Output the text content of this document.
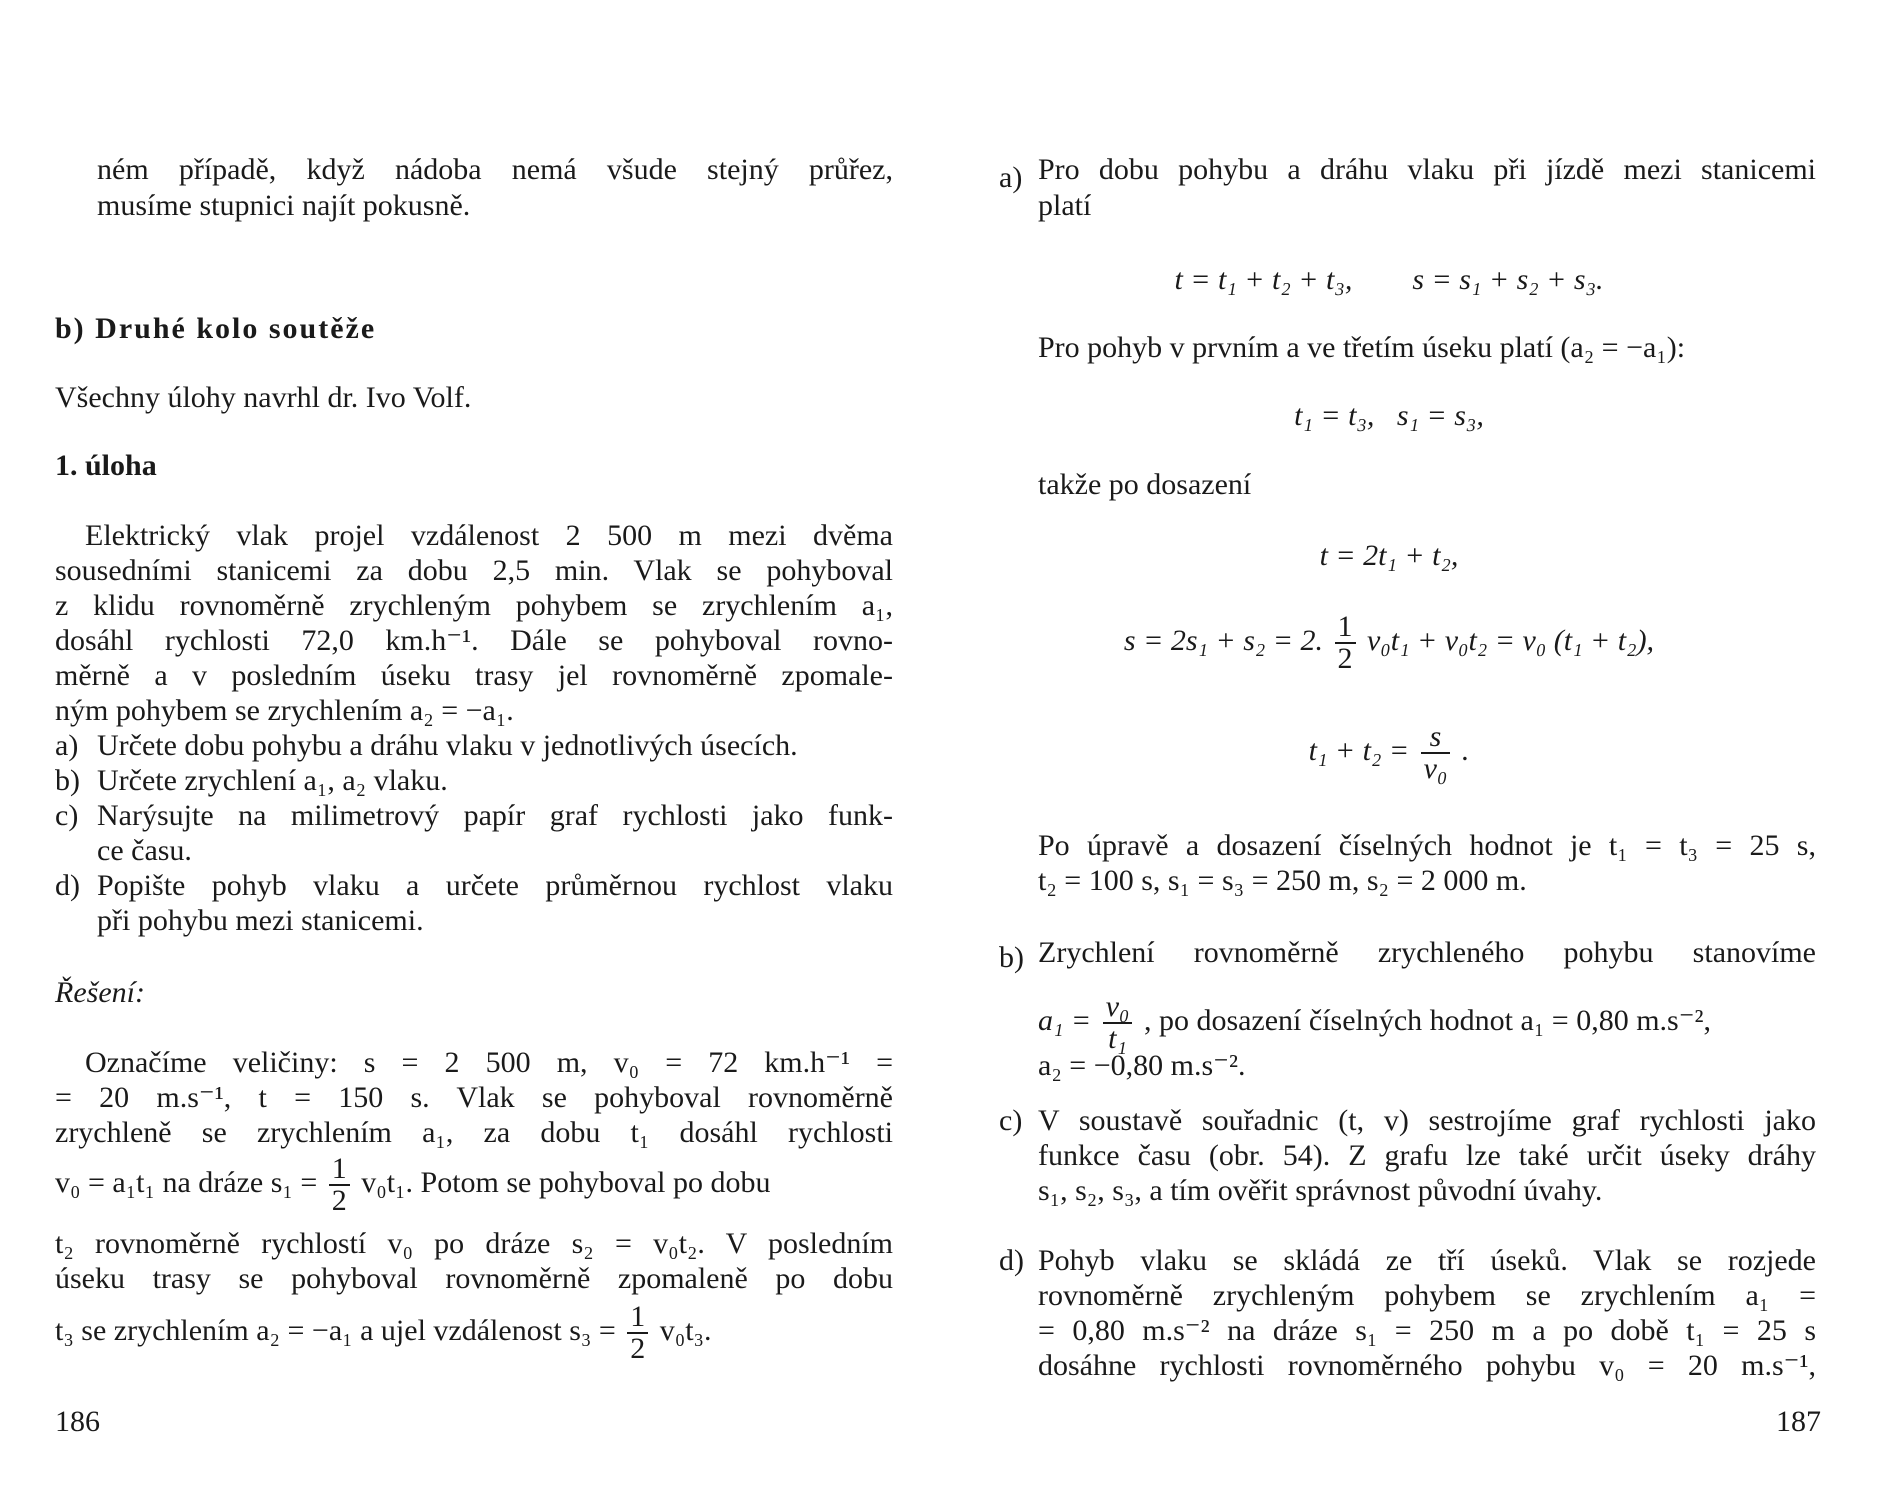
ném případě, když nádoba nemá všude stejný průřez,
musíme stupnici najít pokusně.
b) Druhé kolo soutěže
Všechny úlohy navrhl dr. Ivo Volf.
1. úloha
Elektrický vlak projel vzdálenost 2 500 m mezi dvěma
sousedními stanicemi za dobu 2,5 min. Vlak se pohyboval
z klidu rovnoměrně zrychleným pohybem se zrychlením a₁,
dosáhl rychlosti 72,0 km.h⁻¹. Dále se pohyboval rovno-
měrně a v posledním úseku trasy jel rovnoměrně zpomale-
ným pohybem se zrychlením a₂ = −a₁.
a) Určete dobu pohybu a dráhu vlaku v jednotlivých úsecích.
b) Určete zrychlení a₁, a₂ vlaku.
c) Narýsujte na milimetrový papír graf rychlosti jako funk-
ce času.
d) Popište pohyb vlaku a určete průměrnou rychlost vlaku
při pohybu mezi stanicemi.
Řešení:
Označíme veličiny: s = 2 500 m, v₀ = 72 km.h⁻¹ =
= 20 m.s⁻¹, t = 150 s. Vlak se pohyboval rovnoměrně
zrychleně se zrychlením a₁, za dobu t₁ dosáhl rychlosti
v₀ = a₁t₁ na dráze $s_1 = \frac{1}{2} v_0t_1$. Potom se pohyboval po dobu
t₂ rovnoměrně rychlostí v₀ po dráze s₂ = v₀t₂. V posledním
úseku trasy se pohyboval rovnoměrně zpomaleně po dobu
t₃ se zrychlením a₂ = −a₁ a ujel vzdálenost $s_3 = \frac{1}{2} v_0t_3$.
186
a) Pro dobu pohybu a dráhu vlaku při jízdě mezi stanicemi
platí
t = t₁ + t₂ + t₃,        s = s₁ + s₂ + s₃.
Pro pohyb v prvním a ve třetím úseku platí (a₂ = −a₁):
t₁ = t₃,   s₁ = s₃,
takže po dosazení
t = 2t₁ + t₂,
s = 2s₁ + s₂ = 2. $\frac{1}{2} v_0t_1 + v_0t_2 = v_0$ (t₁ + t₂),
$t_1 + t_2 = \frac{s}{\text{v₀}}$ .
Po úpravě a dosazení číselných hodnot je t₁ = t₃ = 25 s,
t₂ = 100 s, s₁ = s₃ = 250 m, s₂ = 2 000 m.
b) Zrychlení rovnoměrně zrychleného pohybu stanovíme
$a_1 = \frac{\text{v₀}}{\text{t₁}}$ , po dosazení číselných hodnot a₁ = 0,80 m.s⁻²,
a₂ = −0,80 m.s⁻².
c) V soustavě souřadnic (t, v) sestrojíme graf rychlosti jako
funkce času (obr. 54). Z grafu lze také určit úseky dráhy
s₁, s₂, s₃, a tím ověřit správnost původní úvahy.
d) Pohyb vlaku se skládá ze tří úseků. Vlak se rozjede
rovnoměrně zrychleným pohybem se zrychlením a₁ =
= 0,80 m.s⁻² na dráze s₁ = 250 m a po době t₁ = 25 s
dosáhne rychlosti rovnoměrného pohybu v₀ = 20 m.s⁻¹,
187
